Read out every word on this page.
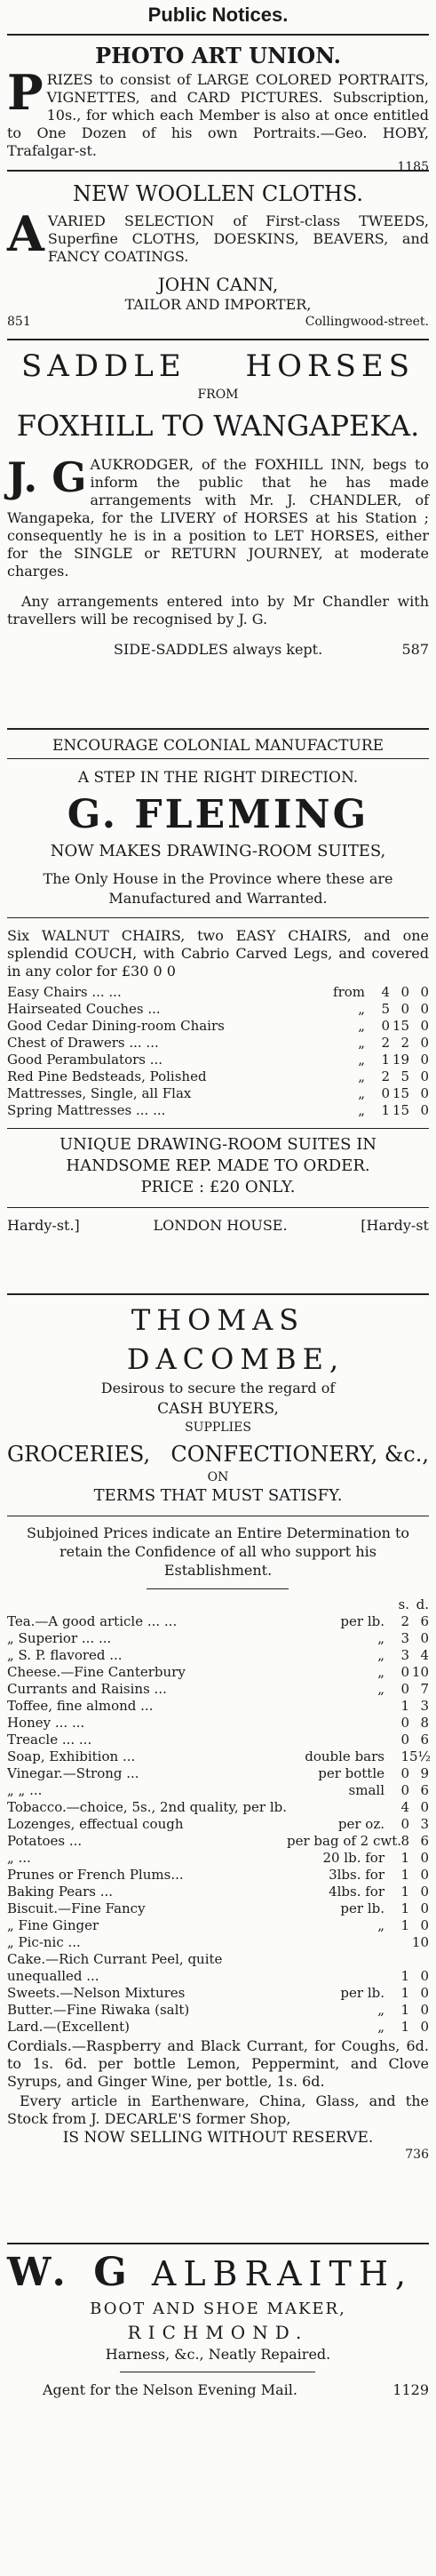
Public Notices.
PHOTO ART UNION.
P RIZES to consist of LARGE COLORED PORTRAITS, VIGNETTES, and CARD PICTURES. Subscription, 10s., for which each Member is also at once entitled to One Dozen of his own Portraits.—Geo. HOBY, Trafalgar-st.
1185
NEW WOOLLEN CLOTHS.
A VARIED SELECTION of First-class TWEEDS, Superfine CLOTHS, DOESKINS, BEAVERS, and FANCY COATINGS.
JOHN CANN,
TAILOR AND IMPORTER,
851	Collingwood-street.
SADDLE HORSES
FROM
FOXHILL TO WANGAPEKA.
J. G AUKRODGER, of the FOXHILL INN, begs to inform the public that he has made arrangements with Mr. J. CHANDLER, of Wangapeka, for the LIVERY of HORSES at his Station ; consequently he is in a position to LET HORSES, either for the SINGLE or RETURN JOURNEY, at moderate charges.
Any arrangements entered into by Mr Chandler with travellers will be recognised by J. G.
SIDE-SADDLES always kept.	587
ENCOURAGE COLONIAL MANUFACTURE
A STEP IN THE RIGHT DIRECTION.
G. FLEMING
NOW MAKES DRAWING-ROOM SUITES,
The Only House in the Province where these are Manufactured and Warranted.
Six WALNUT CHAIRS, two EASY CHAIRS, and one splendid COUCH, with Cabrio Carved Legs, and covered in any color for £30 0 0
Easy Chairs ... ...	from	4 0 0
Hairseated Couches ...	„	5 0 0
Good Cedar Dining-room Chairs	„	0 15 0
Chest of Drawers ... ...	„	2 2 0
Good Perambulators ...	„	1 19 0
Red Pine Bedsteads, Polished	„	2 5 0
Mattresses, Single, all Flax	„	0 15 0
Spring Mattresses ... ...	„	1 15 0
UNIQUE DRAWING-ROOM SUITES IN HANDSOME REP. MADE TO ORDER.
PRICE : £20 ONLY.
Hardy-st.]	LONDON HOUSE.	[Hardy-st
THOMAS DACOMBE,
Desirous to secure the regard of
CASH BUYERS,
SUPPLIES
GROCERIES, CONFECTIONERY, &c.,
ON
TERMS THAT MUST SATISFY.
Subjoined Prices indicate an Entire Determination to retain the Confidence of all who support his Establishment.
s. d.
Tea.—A good article ... ...	per lb.	2 6
„ Superior ... ...	„	3 0
„ S. P. flavored ...	„	3 4
Cheese.—Fine Canterbury	„	0 10
Currants and Raisins ...	„	0 7
Toffee, fine almond ...	1 3
Honey ... ...	0 8
Treacle ... ...	0 6
Soap, Exhibition ...	double bars	1 5½
Vinegar.—Strong ...	per bottle	0 9
„ „ ...	small	0 6
Tobacco.—choice, 5s., 2nd quality, per lb.	4 0
Lozenges, effectual cough	per oz.	0 3
Potatoes ...	per bag of 2 cwt. 8 6
„ ...	20 lb. for	1 0
Prunes or French Plums...	3lbs. for	1 0
Baking Pears ...	4lbs. for	1 0
Biscuit.—Fine Fancy	per lb.	1 0
„ Fine Ginger	„	1 0
„ Pic-nic ...	10
Cake.—Rich Currant Peel, quite
unequalled ...	1 0
Sweets.—Nelson Mixtures	per lb.	1 0
Butter.—Fine Riwaka (salt)	„	1 0
Lard.—(Excellent)	„	1 0
Cordials.—Raspberry and Black Currant, for Coughs, 6d. to 1s. 6d. per bottle Lemon, Peppermint, and Clove Syrups, and Ginger Wine, per bottle, 1s. 6d.
Every article in Earthenware, China, Glass, and the Stock from J. DECARLE'S former Shop,
IS NOW SELLING WITHOUT RESERVE.
736
W. G ALBRAITH,
BOOT AND SHOE MAKER,
RICHMOND.
Harness, &c., Neatly Repaired.
Agent for the Nelson Evening Mail.	1129
